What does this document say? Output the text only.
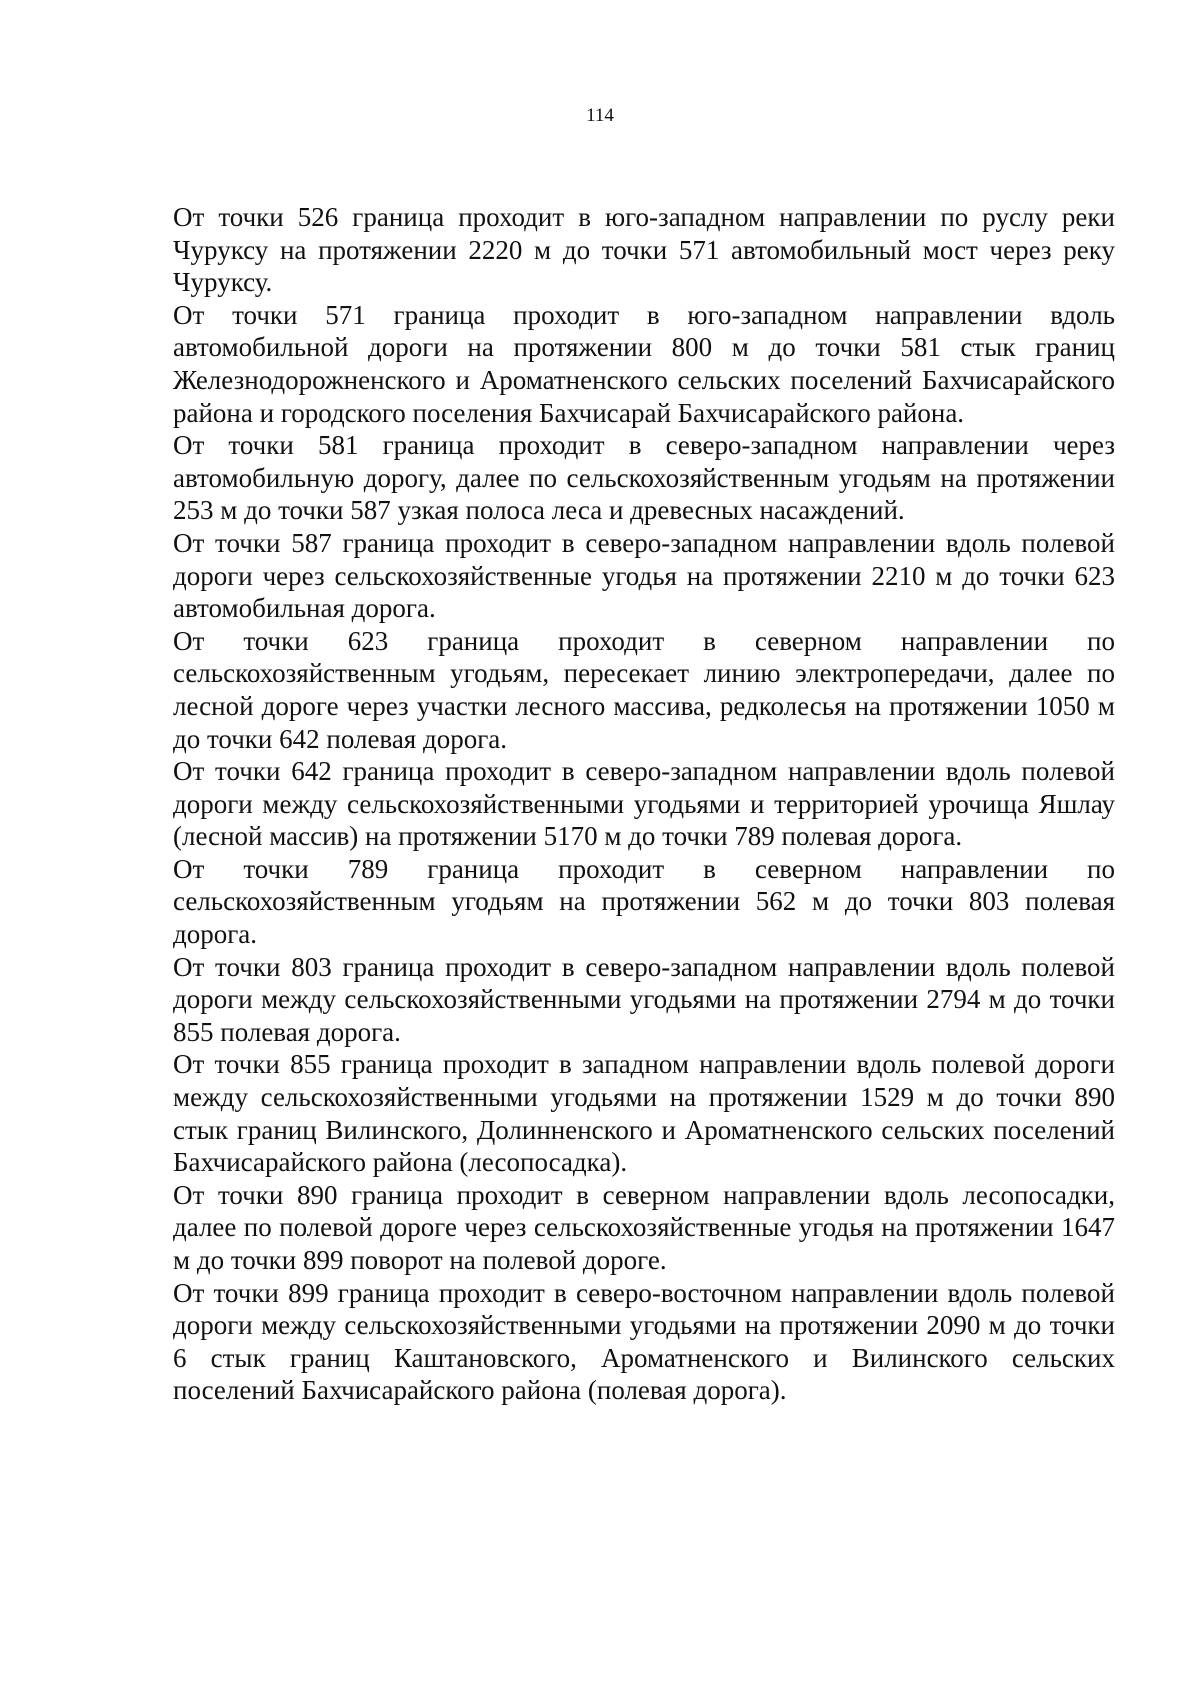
114

От точки 526 граница проходит в юго-западном направлении по руслу реки Чуруксу на протяжении 2220 м до точки 571 автомобильный мост через реку Чуруксу.

От точки 571 граница проходит в юго-западном направлении вдоль автомобильной дороги на протяжении 800 м до точки 581 стык границ Железнодорожненского и Ароматненского сельских поселений Бахчисарайского района и городского поселения Бахчисарай Бахчисарайского района.

От точки 581 граница проходит в северо-западном направлении через автомобильную дорогу, далее по сельскохозяйственным угодьям на протяжении 253 м до точки 587 узкая полоса леса и древесных насаждений.

От точки 587 граница проходит в северо-западном направлении вдоль полевой дороги через сельскохозяйственные угодья на протяжении 2210 м до точки 623 автомобильная дорога.

От точки 623 граница проходит в северном направлении по сельскохозяйственным угодьям, пересекает линию электропередачи, далее по лесной дороге через участки лесного массива, редколесья на протяжении 1050 м до точки 642 полевая дорога.

От точки 642 граница проходит в северо-западном направлении вдоль полевой дороги между сельскохозяйственными угодьями и территорией урочища Яшлау (лесной массив) на протяжении 5170 м до точки 789 полевая дорога.

От точки 789 граница проходит в северном направлении по сельскохозяйственным угодьям на протяжении 562 м до точки 803 полевая дорога.

От точки 803 граница проходит в северо-западном направлении вдоль полевой дороги между сельскохозяйственными угодьями на протяжении 2794 м до точки 855 полевая дорога.

От точки 855 граница проходит в западном направлении вдоль полевой дороги между сельскохозяйственными угодьями на протяжении 1529 м до точки 890 стык границ Вилинского, Долинненского и Ароматненского сельских поселений Бахчисарайского района (лесопосадка).

От точки 890 граница проходит в северном направлении вдоль лесопосадки, далее по полевой дороге через сельскохозяйственные угодья на протяжении 1647 м до точки 899 поворот на полевой дороге.

От точки 899 граница проходит в северо-восточном направлении вдоль полевой дороги между сельскохозяйственными угодьями на протяжении 2090 м до точки 6 стык границ Каштановского, Ароматненского и Вилинского сельских поселений Бахчисарайского района (полевая дорога).
